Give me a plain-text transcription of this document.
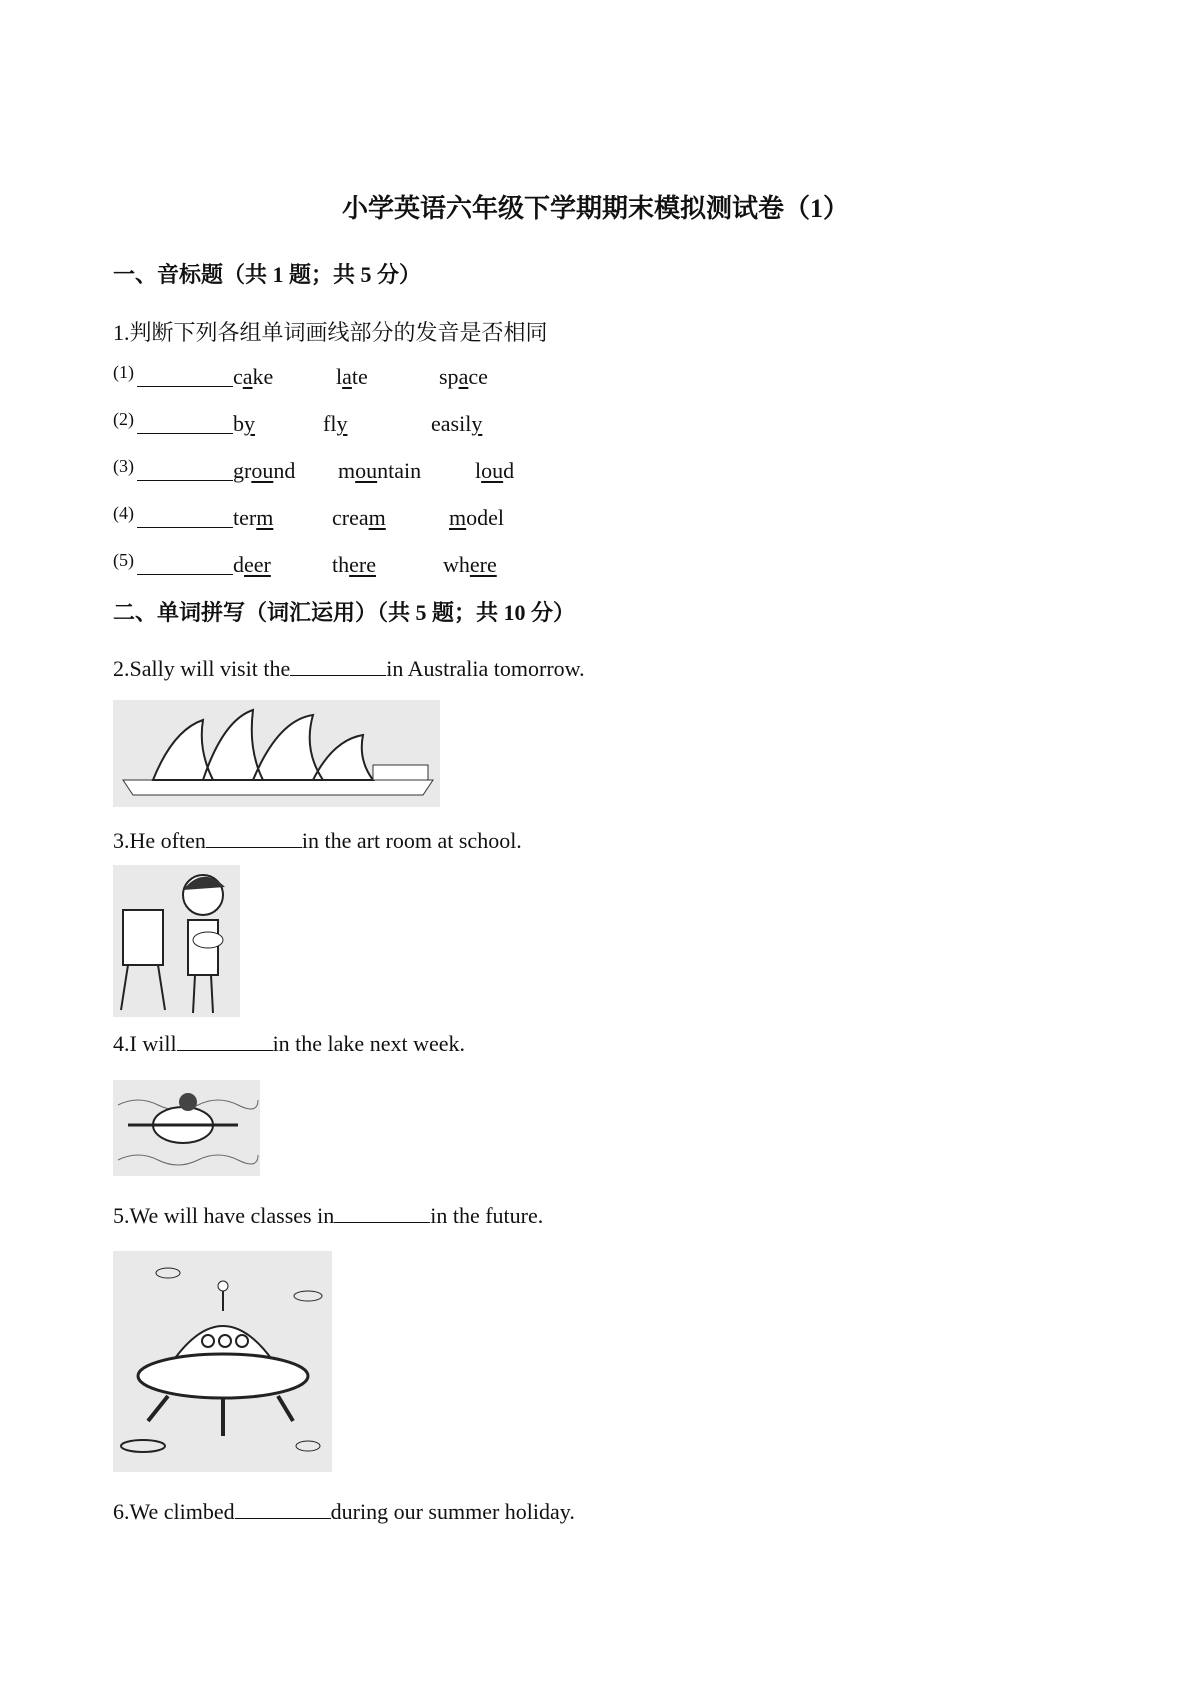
小学英语六年级下学期期末模拟测试卷（1）
一、音标题（共 1 题；共 5 分）
1.判断下列各组单词画线部分的发音是否相同
(1)	cake	late	space
(2)	by	fly	easily
(3)	ground mountain loud
(4)	term	cream	model
(5)	deer	there	where
二、单词拼写（词汇运用）（共 5 题；共 10 分）
2.Sally will visit the	in Australia tomorrow.
3.He often	in the art room at school.
4.I will	in the lake next week.
5.We will have classes in	in the future.
6.We climbed	during our summer holiday.
